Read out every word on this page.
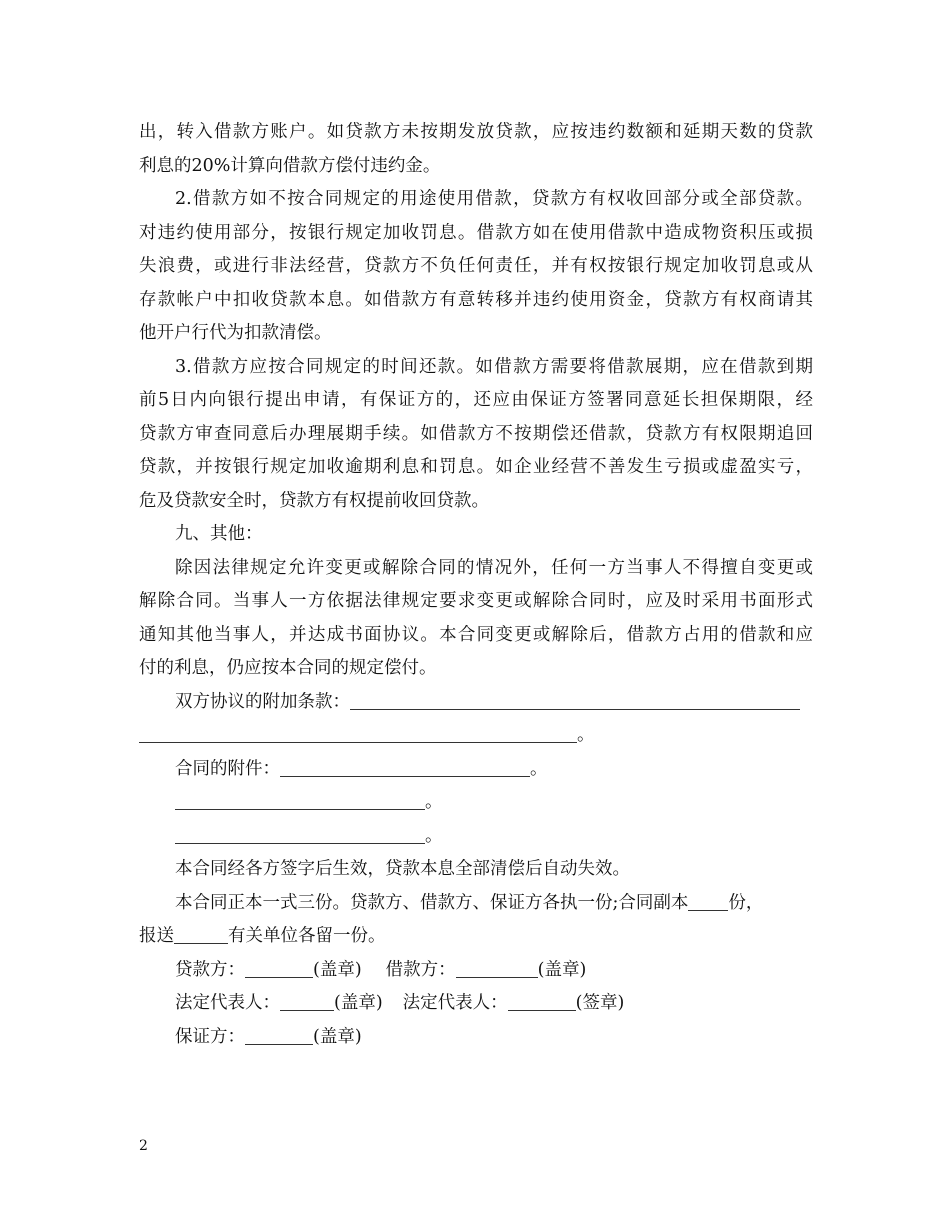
出，转入借款方账户。如贷款方未按期发放贷款，应按违约数额和延期天数的贷款
利息的20%计算向借款方偿付违约金。
2.借款方如不按合同规定的用途使用借款，贷款方有权收回部分或全部贷款。
对违约使用部分，按银行规定加收罚息。借款方如在使用借款中造成物资积压或损
失浪费，或进行非法经营，贷款方不负任何责任，并有权按银行规定加收罚息或从
存款帐户中扣收贷款本息。如借款方有意转移并违约使用资金，贷款方有权商请其
他开户行代为扣款清偿。
3.借款方应按合同规定的时间还款。如借款方需要将借款展期，应在借款到期
前5日内向银行提出申请，有保证方的，还应由保证方签署同意延长担保期限，经
贷款方审查同意后办理展期手续。如借款方不按期偿还借款，贷款方有权限期追回
贷款，并按银行规定加收逾期利息和罚息。如企业经营不善发生亏损或虚盈实亏，
危及贷款安全时，贷款方有权提前收回贷款。
九、其他：
除因法律规定允许变更或解除合同的情况外，任何一方当事人不得擅自变更或
解除合同。当事人一方依据法律规定要求变更或解除合同时，应及时采用书面形式
通知其他当事人，并达成书面协议。本合同变更或解除后，借款方占用的借款和应
付的利息，仍应按本合同的规定偿付。
双方协议的附加条款：
。
合同的附件：	。
。
。
本合同经各方签字后生效，贷款本息全部清偿后自动失效。
本合同正本一式三份。贷款方、借款方、保证方各执一份;合同副本 份，
报送	有关单位各留一份。
贷款方：	(盖章) 借款方：	(盖章)
法定代表人：	(盖章) 法定代表人：	(签章)
保证方：	(盖章)
2
